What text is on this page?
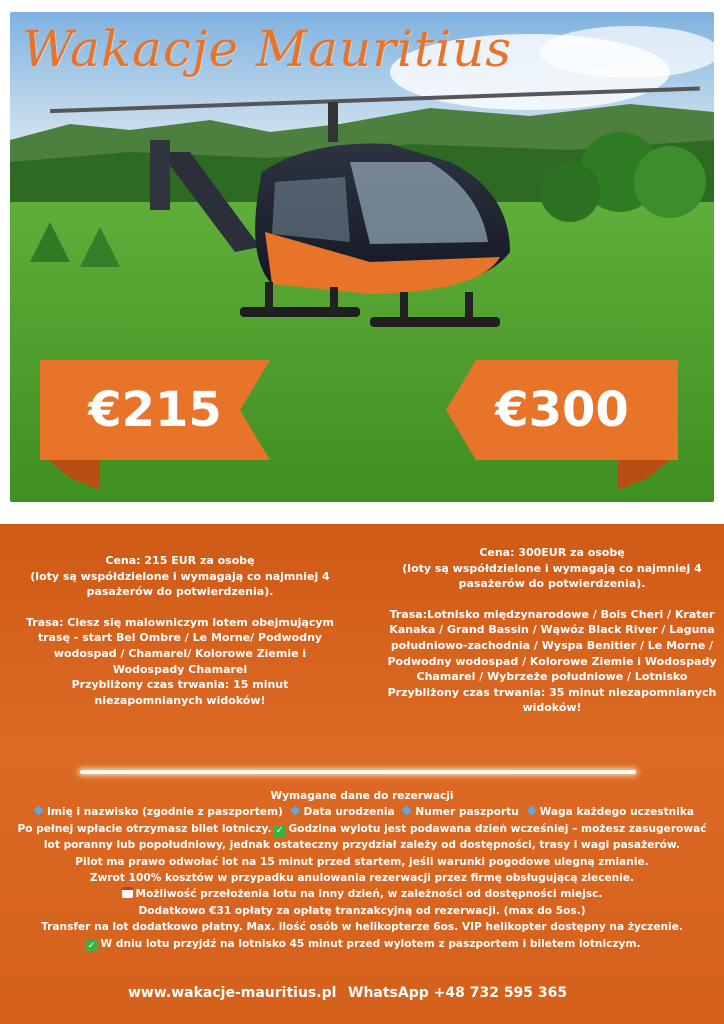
Wakacje Mauritius
€215	€300
Cena: 215 EUR za osobę
(loty są współdzielone i wymagają co najmniej 4 pasażerów do potwierdzenia).
Trasa: Ciesz się malowniczym lotem obejmującym trasę - start Bel Ombre / Le Morne/ Podwodny wodospad / Chamarel/ Kolorowe Ziemie i Wodospady Chamarel
Przybliżony czas trwania: 15 minut niezapomnianych widoków!
Cena: 300EUR za osobę
(loty są współdzielone i wymagają co najmniej 4 pasażerów do potwierdzenia).
Trasa:Lotnisko międzynarodowe / Bois Cheri / Krater Kanaka / Grand Bassin / Wąwóz Black River / Laguna południowo-zachodnia / Wyspa Benitier / Le Morne / Podwodny wodospad / Kolorowe Ziemie i Wodospady Chamarel / Wybrzeże południowe / Lotnisko
Przybliżony czas trwania: 35 minut niezapomnianych widoków!
Wymagane dane do rezerwacji
Imię i nazwisko (zgodnie z paszportem) Data urodzenia Numer paszportu Waga każdego uczestnika
Po pełnej wpłacie otrzymasz bilet lotniczy. ✓ Godzina wylotu jest podawana dzień wcześniej – możesz zasugerować
lot poranny lub popołudniowy, jednak ostateczny przydział zależy od dostępności, trasy i wagi pasażerów.
Pilot ma prawo odwołać lot na 15 minut przed startem, jeśli warunki pogodowe ulegną zmianie.
Zwrot 100% kosztów w przypadku anulowania rezerwacji przez firmę obsługującą zlecenie.
Możliwość przełożenia lotu na inny dzień, w zależności od dostępności miejsc.
Dodatkowo €31 opłaty za opłatę tranzakcyjną od rezerwacji. (max do 5os.)
Transfer na lot dodatkowo płatny. Max. ilość osób w helikopterze 6os. VIP helikopter dostępny na życzenie.
✓ W dniu lotu przyjdź na lotnisko 45 minut przed wylotem z paszportem i biletem lotniczym.
www.wakacje-mauritius.pl WhatsApp +48 732 595 365
